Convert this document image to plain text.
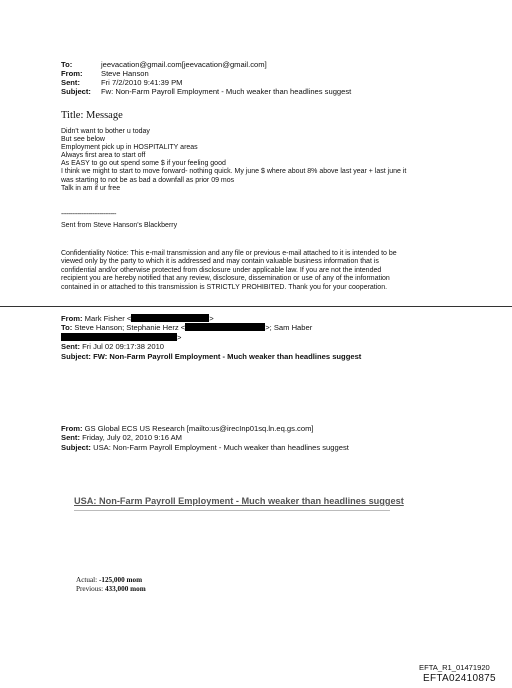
To:	jeevacation@gmail.com[jeevacation@gmail.com]
From: Steve Hanson
Sent:	Fri 7/2/2010 9:41:39 PM
Subject: Fw: Non-Farm Payroll Employment - Much weaker than headlines suggest
Title: Message
Didn't want to bother u today
But see below
Employment pick up in HOSPITALITY areas
Always first area to start off
As EASY to go out spend some $ if your feeling good
I think we might to start to move forward- nothing quick. My june $ where about 8% above last year + last june it
was starting to not be as bad a downfall as prior 09 mos
Talk in am if ur free
------------------------------
Sent from Steve Hanson's Blackberry
Confidentiality Notice: This e-mail transmission and any file or previous e-mail attached to it is intended to be
viewed only by the party to which it is addressed and may contain valuable business information that is
confidential and/or otherwise protected from disclosure under applicable law. If you are not the intended
recipient you are hereby notified that any review, disclosure, dissemination or use of any of the information
contained in or attached to this transmission is STRICTLY PROHIBITED. Thank you for your cooperation.
From: Mark Fisher <	>
To: Steve Hanson; Stephanie Herz <	>; Sam Haber
>
Sent: Fri Jul 02 09:17:38 2010
Subject: FW: Non-Farm Payroll Employment - Much weaker than headlines suggest
From: GS Global ECS US Research [mailto:us@irecInp01sq.ln.eq.gs.com]
Sent: Friday, July 02, 2010 9:16 AM
Subject: USA: Non-Farm Payroll Employment - Much weaker than headlines suggest
USA: Non-Farm Payroll Employment - Much weaker than headlines suggest
Actual: -125,000 mom
Previous: 433,000 mom
EFTA_R1_01471920
EFTA02410875
